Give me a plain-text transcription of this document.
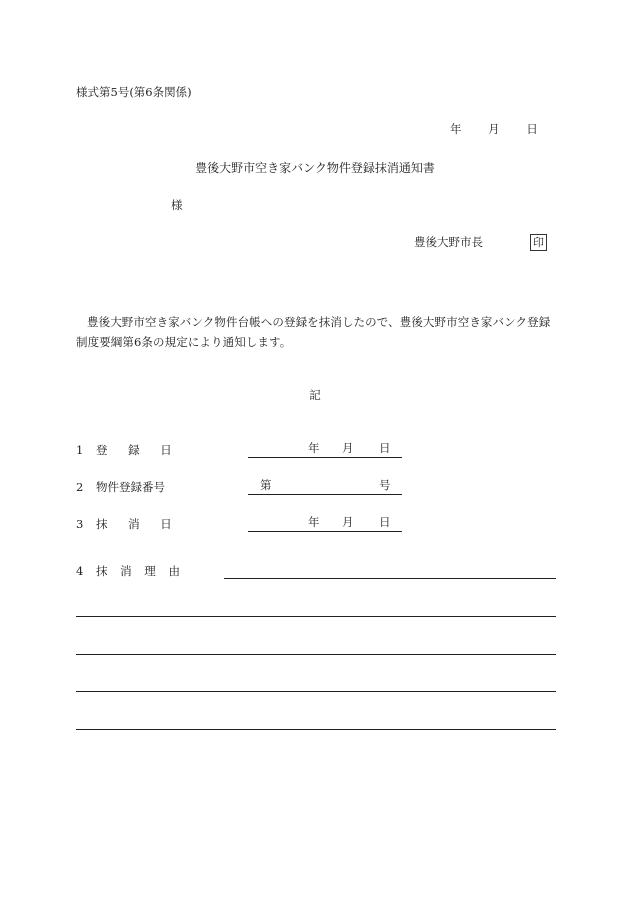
様式第5号(第6条関係)
年 月 日
豊後大野市空き家バンク物件登録抹消通知書
様
豊後大野市長	印
豊後大野市空き家バンク物件台帳への登録を抹消したので、豊後大野市空き家バンク登録制度要綱第6条の規定により通知します。
記
1 登 録 日	年 月 日
2 物件登録番号	第	号
3 抹 消 日	年 月 日
4 抹 消 理 由
